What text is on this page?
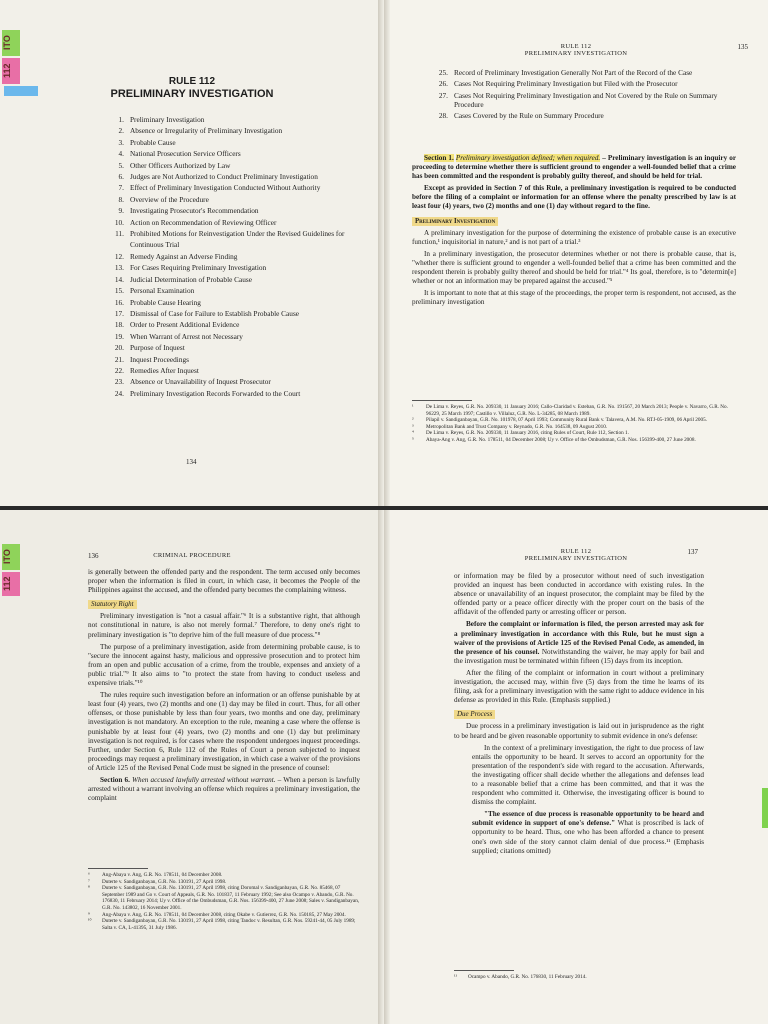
ITO
112
RULE 112
PRELIMINARY INVESTIGATION
1. Preliminary Investigation
2. Absence or Irregularity of Preliminary Investigation
3. Probable Cause
4. National Prosecution Service Officers
5. Other Officers Authorized by Law
6. Judges are Not Authorized to Conduct Preliminary Investigation
7. Effect of Preliminary Investigation Conducted Without Authority
8. Overview of the Procedure
9. Investigating Prosecutor's Recommendation
10. Action on Recommendation of Reviewing Officer
11. Prohibited Motions for Reinvestigation Under the Revised Guidelines for Continuous Trial
12. Remedy Against an Adverse Finding
13. For Cases Requiring Preliminary Investigation
14. Judicial Determination of Probable Cause
15. Personal Examination
16. Probable Cause Hearing
17. Dismissal of Case for Failure to Establish Probable Cause
18. Order to Present Additional Evidence
19. When Warrant of Arrest not Necessary
20. Purpose of Inquest
21. Inquest Proceedings
22. Remedies After Inquest
23. Absence or Unavailability of Inquest Prosecutor
24. Preliminary Investigation Records Forwarded to the Court
134
RULE 112
PRELIMINARY INVESTIGATION
135
25. Record of Preliminary Investigation Generally Not Part of the Record of the Case
26. Cases Not Requiring Preliminary Investigation but Filed with the Prosecutor
27. Cases Not Requiring Preliminary Investigation and Not Covered by the Rule on Summary Procedure
28. Cases Covered by the Rule on Summary Procedure

Section 1. Preliminary investigation defined; when required. – Preliminary investigation is an inquiry or proceeding to determine whether there is sufficient ground to engender a well-founded belief that a crime has been committed and the respondent is probably guilty thereof, and should be held for trial.

Except as provided in Section 7 of this Rule, a preliminary investigation is required to be conducted before the filing of a complaint or information for an offense where the penalty prescribed by law is at least four (4) years, two (2) months and one (1) day without regard to the fine.

Preliminary Investigation

A preliminary investigation for the purpose of determining the existence of probable cause is an executive function,¹ inquisitorial in nature,² and is not part of a trial.³

In a preliminary investigation, the prosecutor determines whether or not there is probable cause, that is, "whether there is sufficient ground to engender a well-founded belief that a crime has been committed and the respondent therein is probably guilty thereof and should be held for trial."⁴ Its goal, therefore, is to "determin[e] whether or not an information may be prepared against the accused."⁵

It is important to note that at this stage of the proceedings, the proper term is respondent, not accused, as the preliminary investigation

¹	De Lima v. Reyes, G.R. No. 209330, 11 January 2016; Callo-Claridad v. Esteban, G.R. No. 191567, 20 March 2013; People v. Navarro, G.R. No. 96229, 25 March 1997; Castillo v. Villaluz, G.R. No. L-34285, 08 March 1989.
²	Pilapil v. Sandiganbayan, G.R. No. 101978, 07 April 1993; Community Rural Bank v. Talavera, A.M. No. RTJ-05-1909, 06 April 2005.
³	Metropolitan Bank and Trust Company v. Reynado, G.R. No. 164538, 09 August 2010.
⁴	De Lima v. Reyes, G.R. No. 209330, 11 January 2016, citing Rules of Court, Rule 112, Section 1.
⁵	Abaya-Ang v. Ang, G.R. No. 178511, 04 December 2008; Uy v. Office of the Ombudsman, G.R. Nos. 156399-400, 27 June 2008.
ITO
112
136	CRIMINAL PROCEDURE

is generally between the offended party and the respondent. The term accused only becomes proper when the information is filed in court, in which case, it becomes the People of the Philippines against the accused, and the offended party becomes the complaining witness.

Statutory Right

Preliminary investigation is "not a casual affair."⁶ It is a substantive right, that although not constitutional in nature, is also not merely formal.⁷ Therefore, to deny one's right to preliminary investigation is "to deprive him of the full measure of due process."⁸

The purpose of a preliminary investigation, aside from determining probable cause, is to "secure the innocent against hasty, malicious and oppressive prosecution and to protect him from an open and public accusation of a crime, from the trouble, expenses and anxiety of a public trial."⁹ It also aims to "to protect the state from having to conduct useless and expensive trials."¹⁰

The rules require such investigation before an information or an offense punishable by at least four (4) years, two (2) months and one (1) day may be filed in court. Thus, for all other offenses, or those punishable by less than four years, two months and one day, preliminary investigation is not mandatory. An exception to the rule, meaning a case where the offense is punishable by at least four (4) years, two (2) months and one (1) day but preliminary investigation is not required, is for cases where the respondent undergoes inquest proceedings. Further, under Section 6, Rule 112 of the Rules of Court a person subjected to inquest proceedings may request a preliminary investigation, in which case a waiver of the provisions of Article 125 of the Revised Penal Code must be signed in the presence of counsel:

Section 6. When accused lawfully arrested without warrant. – When a person is lawfully arrested without a warrant involving an offense which requires a preliminary investigation, the complaint

⁶	Ang-Abaya v. Ang, G.R. No. 178511, 04 December 2008.
⁷	Duterte v. Sandiganbayan, G.R. No. 130191, 27 April 1998.
⁸	Duterte v. Sandiganbayan, G.R. No. 130191, 27 April 1998, citing Doromal v. Sandiganbayan, G.R. No. 85468, 07 September 1989 and Go v. Court of Appeals, G.R. No. 101837, 11 February 1992; See also Ocampo v. Abando, G.R. No. 176830, 11 February 2014; Uy v. Office of the Ombudsman, G.R. Nos. 156399-400, 27 June 2008; Sales v. Sandiganbayan, G.R. No. 143802, 16 November 2001.
⁹	Ang-Abaya v. Ang, G.R. No. 178511, 04 December 2008, citing Okabe v. Gutierrez, G.R. No. 150185, 27 May 2004.
¹⁰	Duterte v. Sandiganbayan, G.R. No. 130191, 27 April 1998, citing Tandoc v. Resultan, G.R. Nos. 59241-44, 05 July 1989; Salta v. CA, L-41395, 31 July 1986.
RULE 112
PRELIMINARY INVESTIGATION
137

or information may be filed by a prosecutor without need of such investigation provided an inquest has been conducted in accordance with existing rules. In the absence or unavailability of an inquest prosecutor, the complaint may be filed by the offended party or a peace officer directly with the proper court on the basis of the affidavit of the offended party or arresting officer or person.

Before the complaint or information is filed, the person arrested may ask for a preliminary investigation in accordance with this Rule, but he must sign a waiver of the provisions of Article 125 of the Revised Penal Code, as amended, in the presence of his counsel. Notwithstanding the waiver, he may apply for bail and the investigation must be terminated within fifteen (15) days from its inception.

After the filing of the complaint or information in court without a preliminary investigation, the accused may, within five (5) days from the time he learns of its filing, ask for a preliminary investigation with the same right to adduce evidence in his defense as provided in this Rule. (Emphasis supplied.)

Due Process

Due process in a preliminary investigation is laid out in jurisprudence as the right to be heard and be given reasonable opportunity to submit evidence in one's defense:

In the context of a preliminary investigation, the right to due process of law entails the opportunity to be heard. It serves to accord an opportunity for the presentation of the respondent's side with regard to the accusation. Afterwards, the investigating officer shall decide whether the allegations and defenses lead to a reasonable belief that a crime has been committed, and that it was the respondent who committed it. Otherwise, the investigating officer is bound to dismiss the complaint.

"The essence of due process is reasonable opportunity to be heard and submit evidence in support of one's defense." What is proscribed is lack of opportunity to be heard. Thus, one who has been afforded a chance to present one's own side of the story cannot claim denial of due process.¹¹ (Emphasis supplied; citations omitted)

¹¹	Ocampo v. Abando, G.R. No. 176830, 11 February 2014.
